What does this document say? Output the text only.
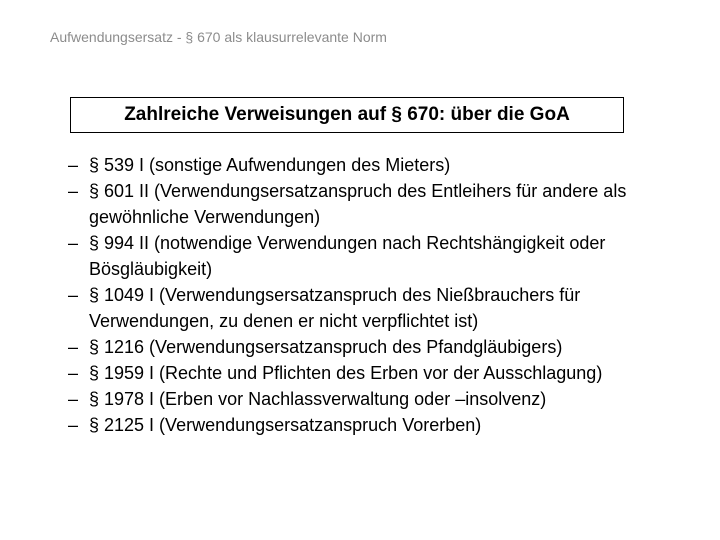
Aufwendungsersatz - § 670 als klausurrelevante Norm
Zahlreiche Verweisungen auf § 670: über die GoA
– § 539 I (sonstige Aufwendungen des Mieters)
– § 601 II (Verwendungsersatzanspruch des Entleihers für andere als gewöhnliche Verwendungen)
– § 994 II (notwendige Verwendungen nach Rechtshängigkeit oder Bösgläubigkeit)
– § 1049 I (Verwendungsersatzanspruch des Nießbrauchers für Verwendungen, zu denen er nicht verpflichtet ist)
– § 1216 (Verwendungsersatzanspruch des Pfandgläubigers)
– § 1959 I (Rechte und Pflichten des Erben vor der Ausschlagung)
– § 1978 I (Erben vor Nachlassverwaltung oder –insolvenz)
– § 2125 I (Verwendungsersatzanspruch Vorerben)
